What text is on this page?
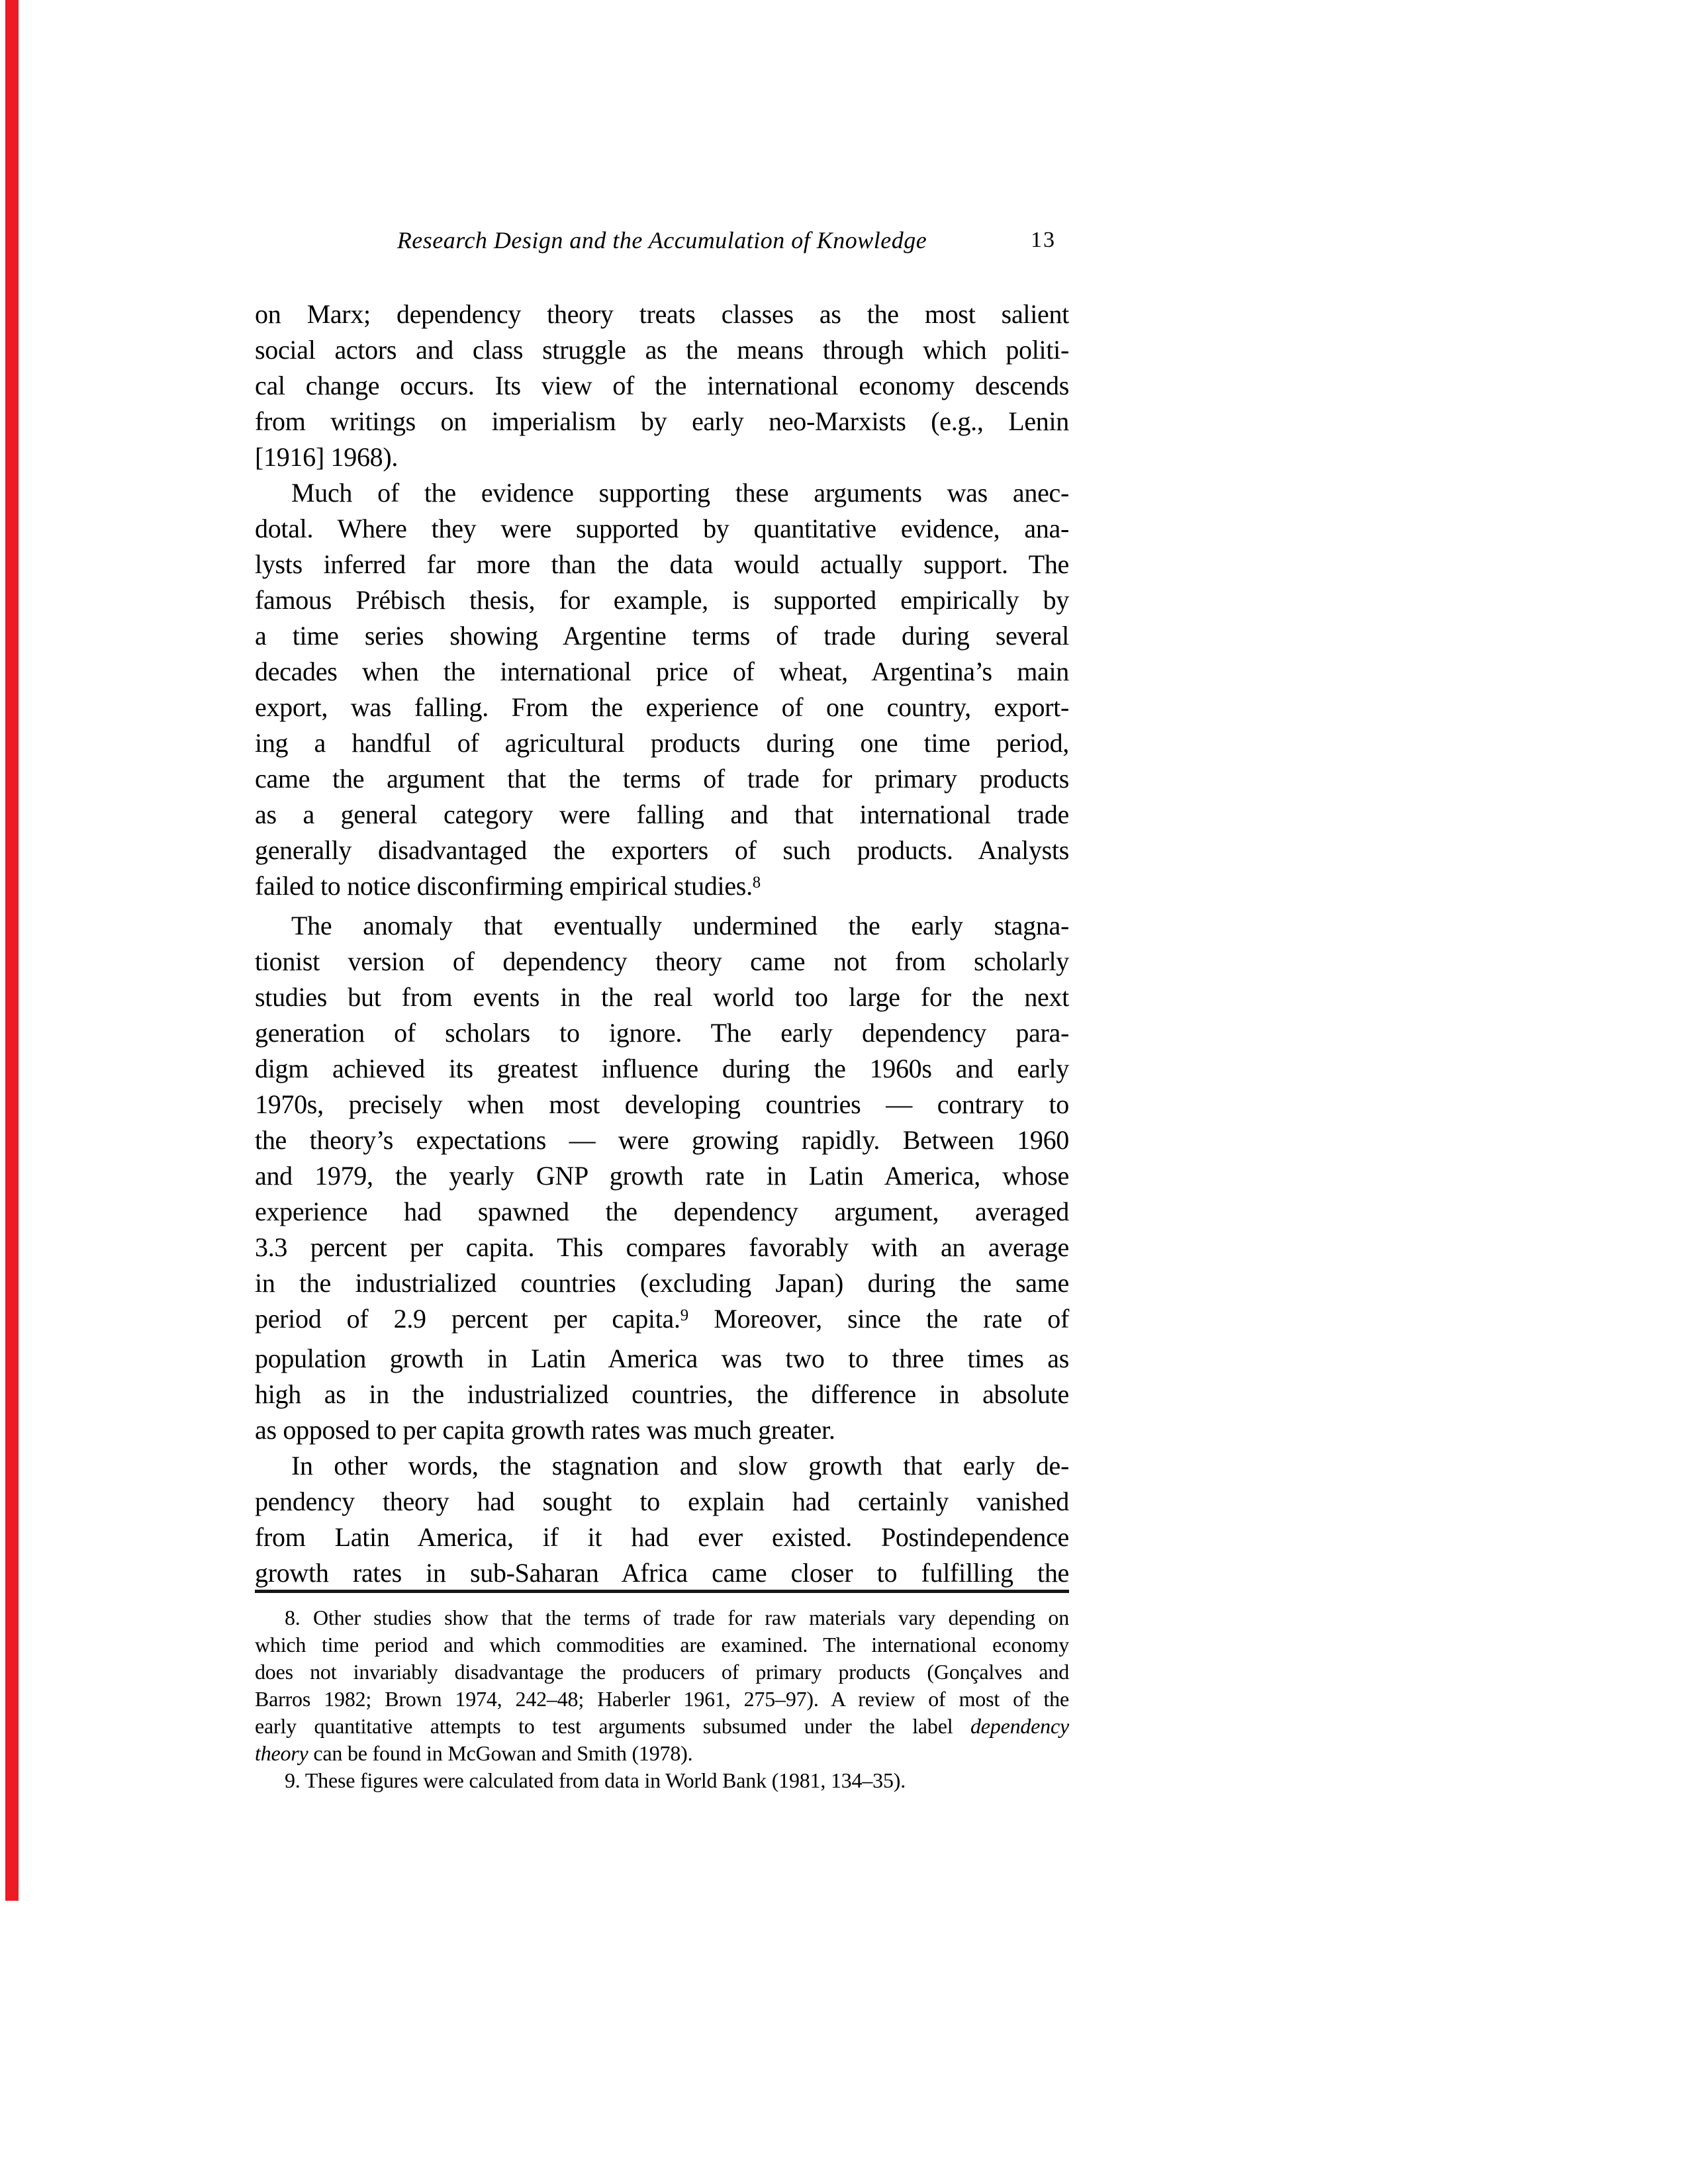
Research Design and the Accumulation of Knowledge	13
on Marx; dependency theory treats classes as the most salient
social actors and class struggle as the means through which politi-
cal change occurs. Its view of the international economy descends
from writings on imperialism by early neo-Marxists (e.g., Lenin
[1916] 1968).
Much of the evidence supporting these arguments was anec-
dotal. Where they were supported by quantitative evidence, ana-
lysts inferred far more than the data would actually support. The
famous Prébisch thesis, for example, is supported empirically by
a time series showing Argentine terms of trade during several
decades when the international price of wheat, Argentina’s main
export, was falling. From the experience of one country, export-
ing a handful of agricultural products during one time period,
came the argument that the terms of trade for primary products
as a general category were falling and that international trade
generally disadvantaged the exporters of such products. Analysts
failed to notice disconfirming empirical studies.$^8$
The anomaly that eventually undermined the early stagna-
tionist version of dependency theory came not from scholarly
studies but from events in the real world too large for the next
generation of scholars to ignore. The early dependency para-
digm achieved its greatest influence during the 1960s and early
1970s, precisely when most developing countries — contrary to
the theory’s expectations — were growing rapidly. Between 1960
and 1979, the yearly GNP growth rate in Latin America, whose
experience had spawned the dependency argument, averaged
3.3 percent per capita. This compares favorably with an average
in the industrialized countries (excluding Japan) during the same
period of 2.9 percent per capita.$^9$ Moreover, since the rate of
population growth in Latin America was two to three times as
high as in the industrialized countries, the difference in absolute
as opposed to per capita growth rates was much greater.
In other words, the stagnation and slow growth that early de-
pendency theory had sought to explain had certainly vanished
from Latin America, if it had ever existed. Postindependence
growth rates in sub-Saharan Africa came closer to fulfilling the
8. Other studies show that the terms of trade for raw materials vary depending on
which time period and which commodities are examined. The international economy
does not invariably disadvantage the producers of primary products (Gonçalves and
Barros 1982; Brown 1974, 242–48; Haberler 1961, 275–97). A review of most of the
early quantitative attempts to test arguments subsumed under the label dependency
theory can be found in McGowan and Smith (1978).
9. These figures were calculated from data in World Bank (1981, 134–35).
